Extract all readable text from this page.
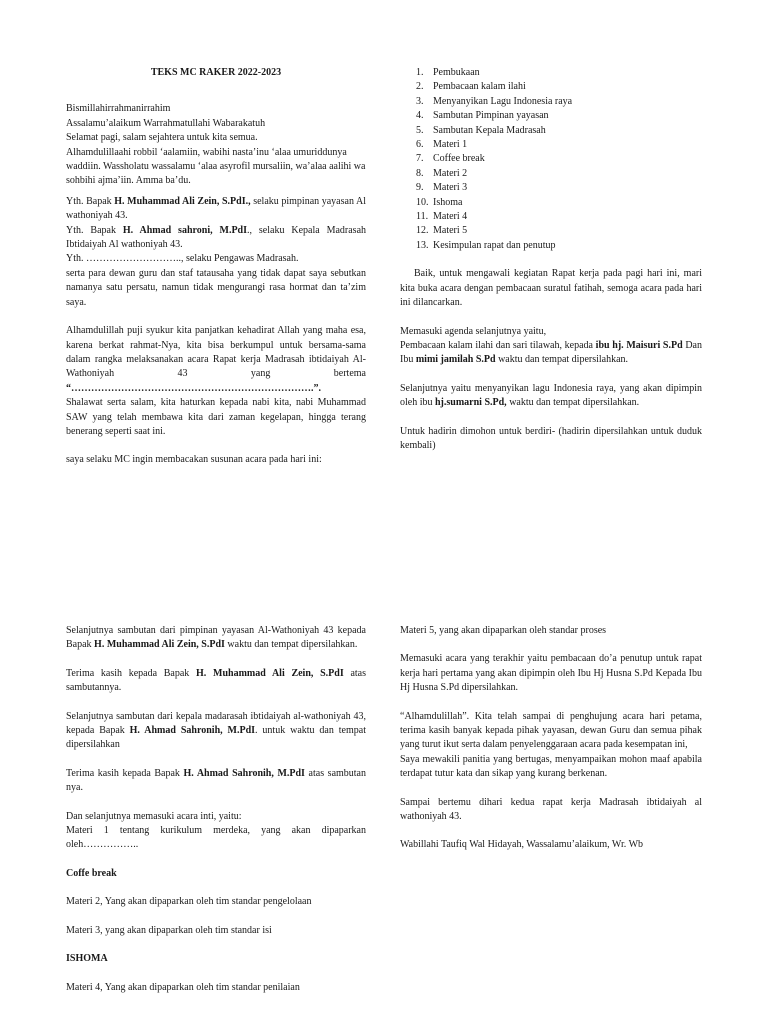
TEKS MC RAKER 2022-2023

Bismillahirrahmanirrahim

Assalamu’alaikum Warrahmatullahi Wabarakatuh

Selamat pagi, salam sejahtera untuk kita semua.

Alhamdulillaahi robbil ‘aalamiin, wabihi nasta’inu ‘alaa umuriddunya waddiin. Wassholatu wassalamu ‘alaa asyrofil mursaliin, wa’alaa aalihi wa sohbihi ajma’iin. Amma ba’du.

Yth. Bapak H. Muhammad Ali Zein, S.PdI., selaku pimpinan yayasan Al wathoniyah 43.

Yth. Bapak H. Ahmad sahroni, M.PdI., selaku Kepala Madrasah Ibtidaiyah Al wathoniyah 43.

Yth. ……………………….., selaku Pengawas Madrasah.

serta para dewan guru dan staf tatausaha yang tidak dapat saya sebutkan namanya satu persatu, namun tidak mengurangi rasa hormat dan ta’zim saya.

Alhamdulillah puji syukur kita panjatkan kehadirat Allah yang maha esa, karena berkat rahmat-Nya, kita bisa berkumpul untuk bersama-sama dalam rangka melaksanakan acara Rapat kerja Madrasah ibtidaiyah Al-Wathoniyah 43 yang bertema “……………………………………………………………….”.

Shalawat serta salam, kita haturkan kepada nabi kita, nabi Muhammad SAW yang telah membawa kita dari zaman kegelapan, hingga terang benerang seperti saat ini.

saya selaku MC ingin membacakan susunan acara pada hari ini:

1. Pembukaan
2. Pembacaan kalam ilahi
3. Menyanyikan Lagu Indonesia raya
4. Sambutan Pimpinan yayasan
5. Sambutan Kepala Madrasah
6. Materi 1
7. Coffee break
8. Materi 2
9. Materi 3
10. Ishoma
11. Materi 4
12. Materi 5
13. Kesimpulan rapat dan penutup

Baik, untuk mengawali kegiatan Rapat kerja pada pagi hari ini, mari kita buka acara dengan pembacaan suratul fatihah, semoga acara pada hari ini dilancarkan.

Memasuki agenda selanjutnya yaitu,

Pembacaan kalam ilahi dan sari tilawah, kepada ibu hj. Maisuri S.Pd Dan Ibu mimi jamilah S.Pd waktu dan tempat dipersilahkan.

Selanjutnya yaitu menyanyikan lagu Indonesia raya, yang akan dipimpin oleh ibu hj.sumarni S.Pd, waktu dan tempat dipersilahkan.

Untuk hadirin dimohon untuk berdiri- (hadirin dipersilahkan untuk duduk kembali)

Selanjutnya sambutan dari pimpinan yayasan Al-Wathoniyah 43 kepada Bapak H. Muhammad Ali Zein, S.PdI waktu dan tempat dipersilahkan.

Terima kasih kepada Bapak H. Muhammad Ali Zein, S.PdI atas sambutannya.

Selanjutnya sambutan dari kepala madarasah ibtidaiyah al-wathoniyah 43, kepada Bapak H. Ahmad Sahronih, M.PdI. untuk waktu dan tempat dipersilahkan

Terima kasih kepada Bapak H. Ahmad Sahronih, M.PdI atas sambutan nya.

Dan selanjutnya memasuki acara inti, yaitu:

Materi 1 tentang kurikulum merdeka, yang akan dipaparkan oleh……………..

Coffe break

Materi 2, Yang akan dipaparkan oleh tim standar pengelolaan

Materi 3, yang akan dipaparkan oleh tim standar isi

ISHOMA

Materi 4, Yang akan dipaparkan oleh tim standar penilaian

Materi 5, yang akan dipaparkan oleh standar proses

Memasuki acara yang terakhir yaitu pembacaan do’a penutup untuk rapat kerja hari pertama yang akan dipimpin oleh Ibu Hj Husna S.Pd Kepada Ibu Hj Husna S.Pd dipersilahkan.

“Alhamdulillah”. Kita telah sampai di penghujung acara hari petama, terima kasih banyak kepada pihak yayasan, dewan Guru dan semua pihak yang turut ikut serta dalam penyelenggaraan acara pada kesempatan ini,

Saya mewakili panitia yang bertugas, menyampaikan mohon maaf apabila terdapat tutur kata dan sikap yang kurang berkenan.

Sampai bertemu dihari kedua rapat kerja Madrasah ibtidaiyah al wathoniyah 43.

Wabillahi Taufiq Wal Hidayah, Wassalamu’alaikum, Wr. Wb
